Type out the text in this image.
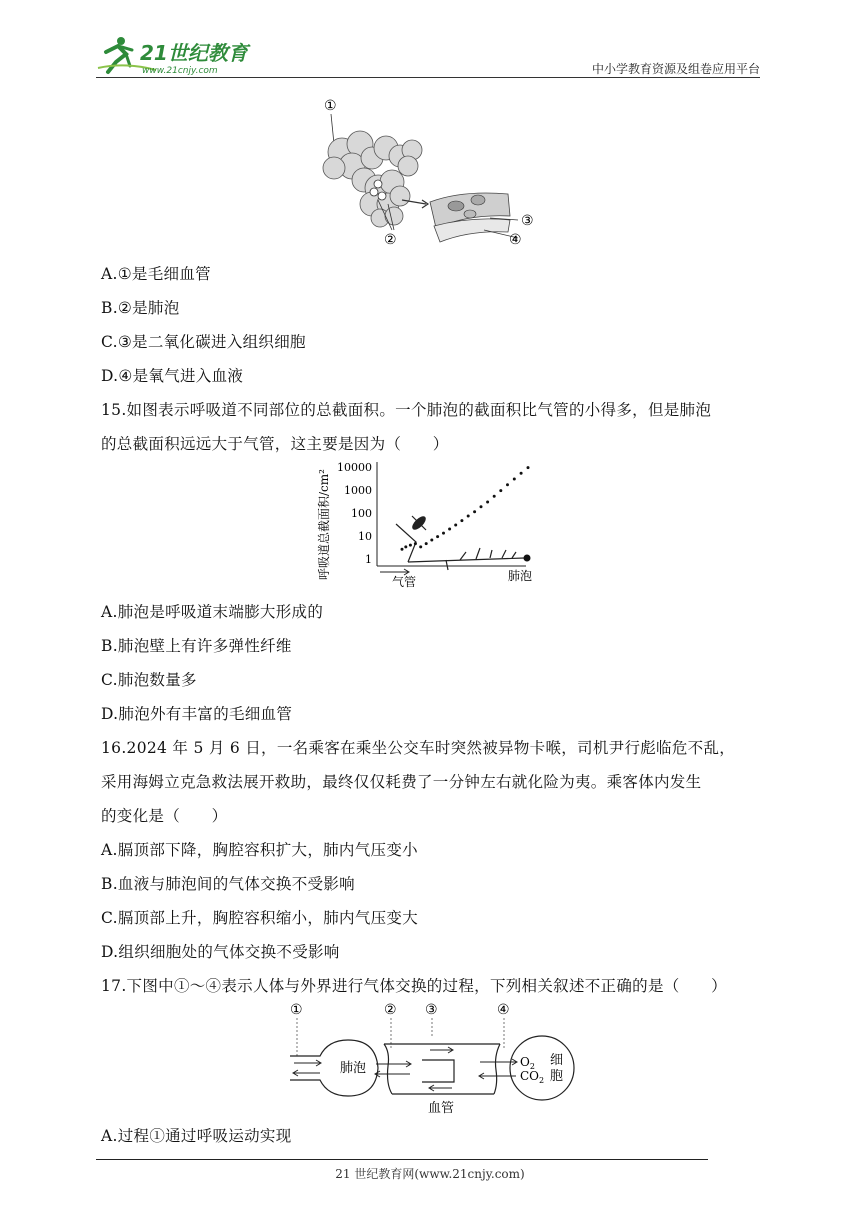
21世纪教育
www.21cnjy.com	中小学教育资源及组卷应用平台
①
②
③
④
A.①是毛细血管
B.②是肺泡
C.③是二氧化碳进入组织细胞
D.④是氧气进入血液
15.如图表示呼吸道不同部位的总截面积。一个肺泡的截面积比气管的小得多，但是肺泡
的总截面积远远大于气管，这主要是因为（　　）
呼吸道总截面积/cm²
10000
1000
100
10
1
气管	肺泡
A.肺泡是呼吸道末端膨大形成的
B.肺泡壁上有许多弹性纤维
C.肺泡数量多
D.肺泡外有丰富的毛细血管
16.2024 年 5 月 6 日，一名乘客在乘坐公交车时突然被异物卡喉，司机尹行彪临危不乱，
采用海姆立克急救法展开救助，最终仅仅耗费了一分钟左右就化险为夷。乘客体内发生
的变化是（　　）
A.膈顶部下降，胸腔容积扩大，肺内气压变小
B.血液与肺泡间的气体交换不受影响
C.膈顶部上升，胸腔容积缩小，肺内气压变大
D.组织细胞处的气体交换不受影响
17.下图中①～④表示人体与外界进行气体交换的过程，下列相关叙述不正确的是（　　）
①	② ③	④
肺泡
血管
$O_2$
$CO_2$
细
胞
A.过程①通过呼吸运动实现
21 世纪教育网(www.21cnjy.com)
